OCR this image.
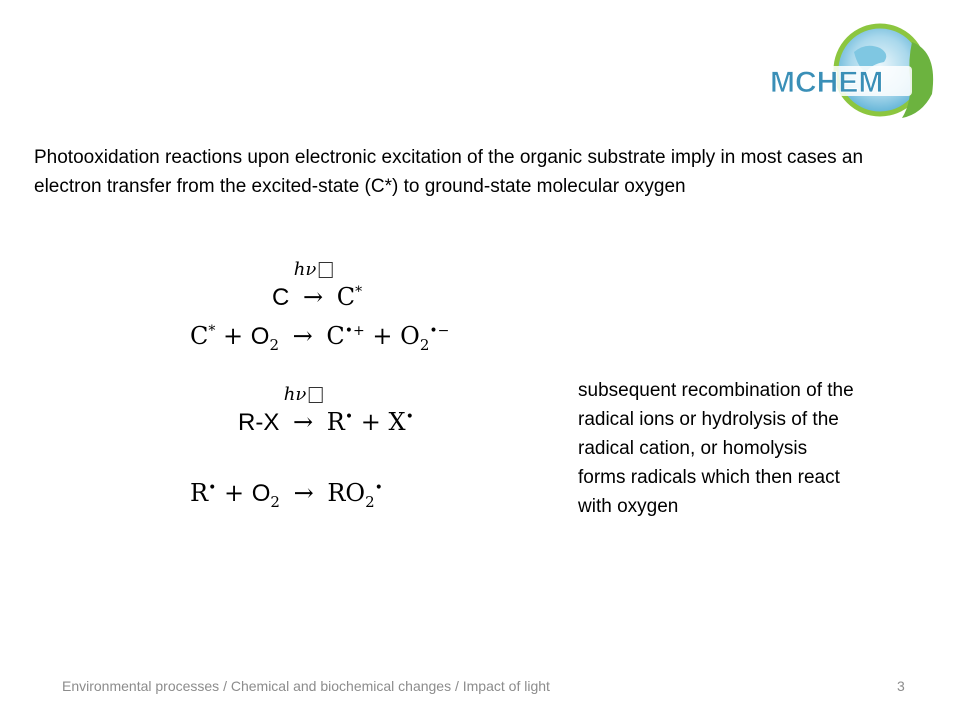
MCHEM
Photooxidation reactions upon electronic excitation of the organic substrate imply in most cases an electron transfer from the excited-state (C*) to ground-state molecular oxygen
C →
hν
C*
$C^* + O_2 \to C^{•+} + O_2^{•-}$
R-X →
hν
R• + X•
$R^• + O_2 \to RO_2^•$
subsequent recombination of the radical ions or hydrolysis of the radical cation, or homolysis forms radicals which then react with oxygen
Environmental processes / Chemical and biochemical changes / Impact of light	3
